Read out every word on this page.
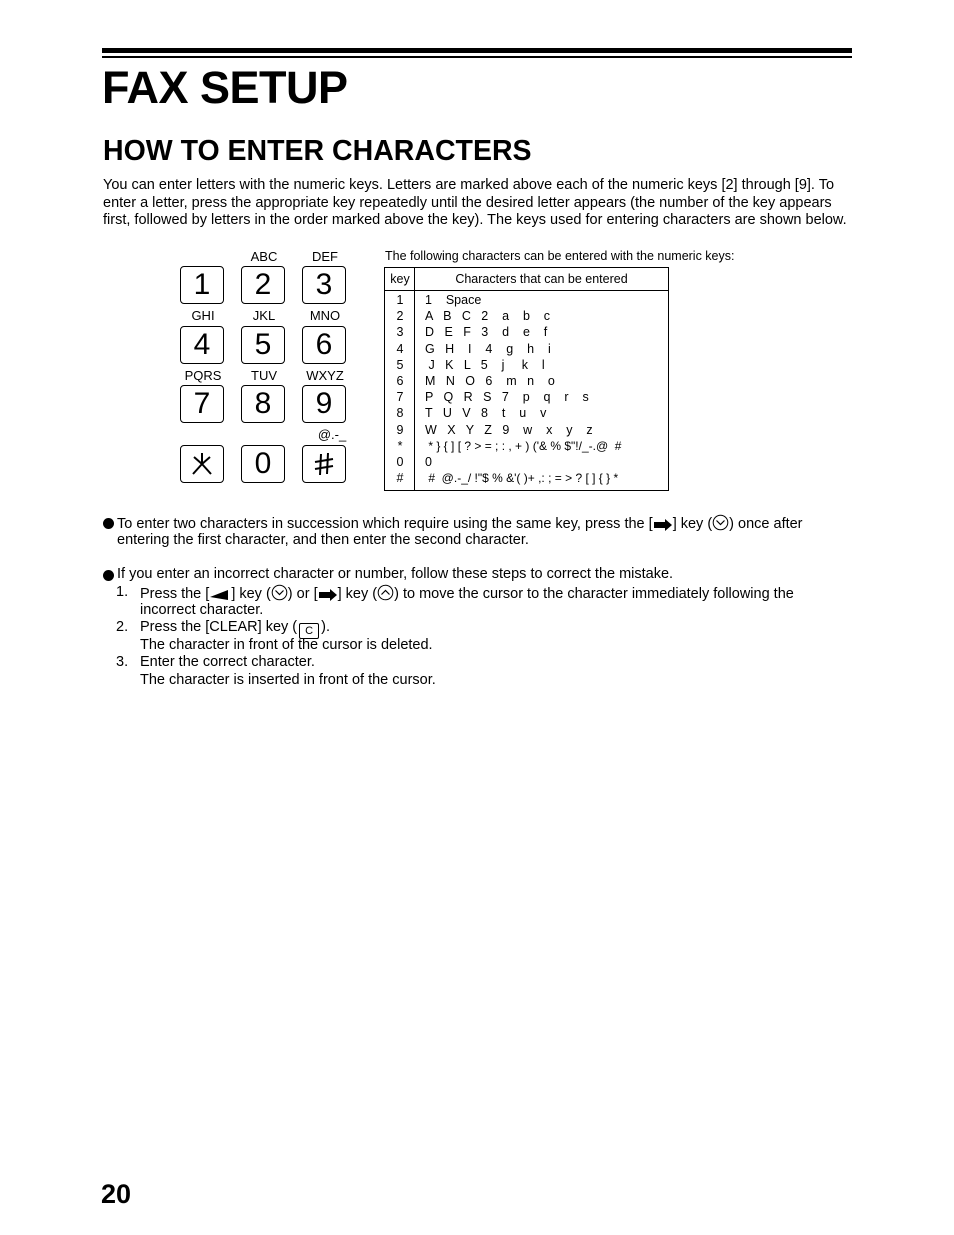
FAX SETUP
HOW TO ENTER CHARACTERS
You can enter letters with the numeric keys. Letters are marked above each of the numeric keys [2] through [9]. To enter a letter, press the appropriate key repeatedly until the desired letter appears (the number of the key appears first, followed by letters in the order marked above the key). The keys used for entering characters are shown below.
ABC	DEF
1 2 3
GHI	JKL	MNO
4 5 6
PQRS	TUV	WXYZ
7 8 9
@.-_
0
The following characters can be entered with the numeric keys:
key	Characters that can be entered
1	1    Space
2	A   B   C   2    a    b    c
3	D   E   F   3    d    e    f
4	G   H    I    4    g    h    i
5	J   K   L   5    j     k    l
6	M   N   O   6    m   n    o
7	P   Q   R   S   7    p    q    r    s
8	T   U   V   8    t    u    v
9	W   X   Y   Z   9    w    x    y    z
*	* } { ] [ ? > = ; : , + ) ('& % $"!/_-.@  #
0	0
#	#  @.-_/ !"$ % &'( )+ ,: ; = > ? [ ] { } *
To enter two characters in succession which require using the same key, press the [ ] key ( ) once after
entering the first character, and then enter the second character.
If you enter an incorrect character or number, follow these steps to correct the mistake.
1. Press the [ ] key ( ) or [ ] key ( ) to move the cursor to the character immediately following the
incorrect character.
2. Press the [CLEAR] key ( C ).
The character in front of the cursor is deleted.
3. Enter the correct character.
The character is inserted in front of the cursor.
20
